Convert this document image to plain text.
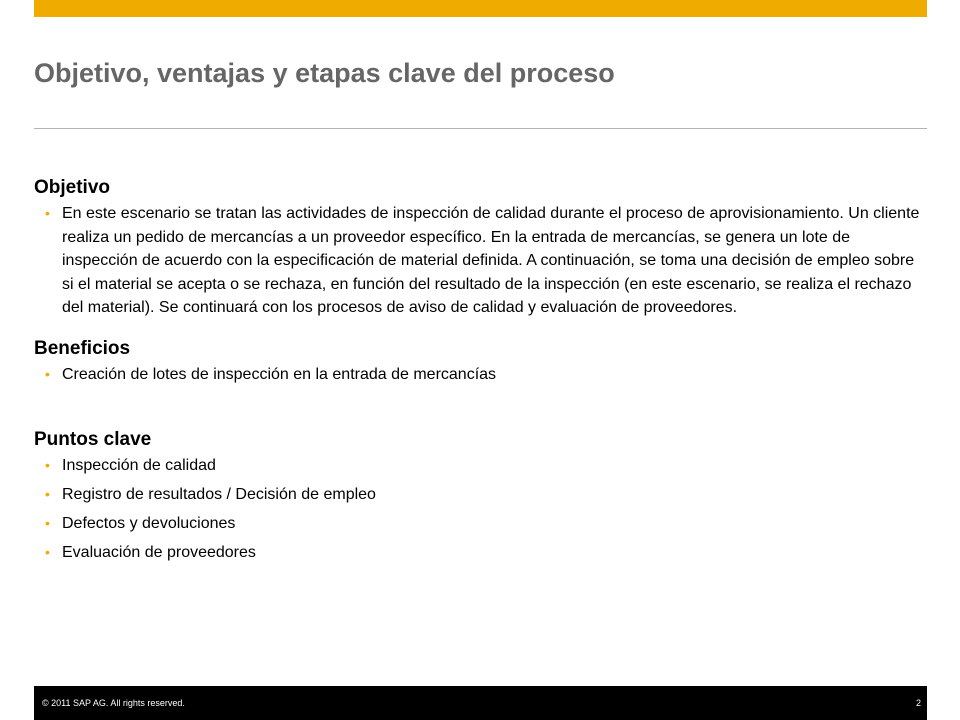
Objetivo, ventajas y etapas clave del proceso
Objetivo
• En este escenario se tratan las actividades de inspección de calidad durante el proceso de aprovisionamiento. Un cliente realiza un pedido de mercancías a un proveedor específico. En la entrada de mercancías, se genera un lote de inspección de acuerdo con la especificación de material definida. A continuación, se toma una decisión de empleo sobre si el material se acepta o se rechaza, en función del resultado de la inspección (en este escenario, se realiza el rechazo del material). Se continuará con los procesos de aviso de calidad y evaluación de proveedores.
Beneficios
• Creación de lotes de inspección en la entrada de mercancías
Puntos clave
• Inspección de calidad
• Registro de resultados / Decisión de empleo
• Defectos y devoluciones
• Evaluación de proveedores
© 2011 SAP AG. All rights reserved.	2
